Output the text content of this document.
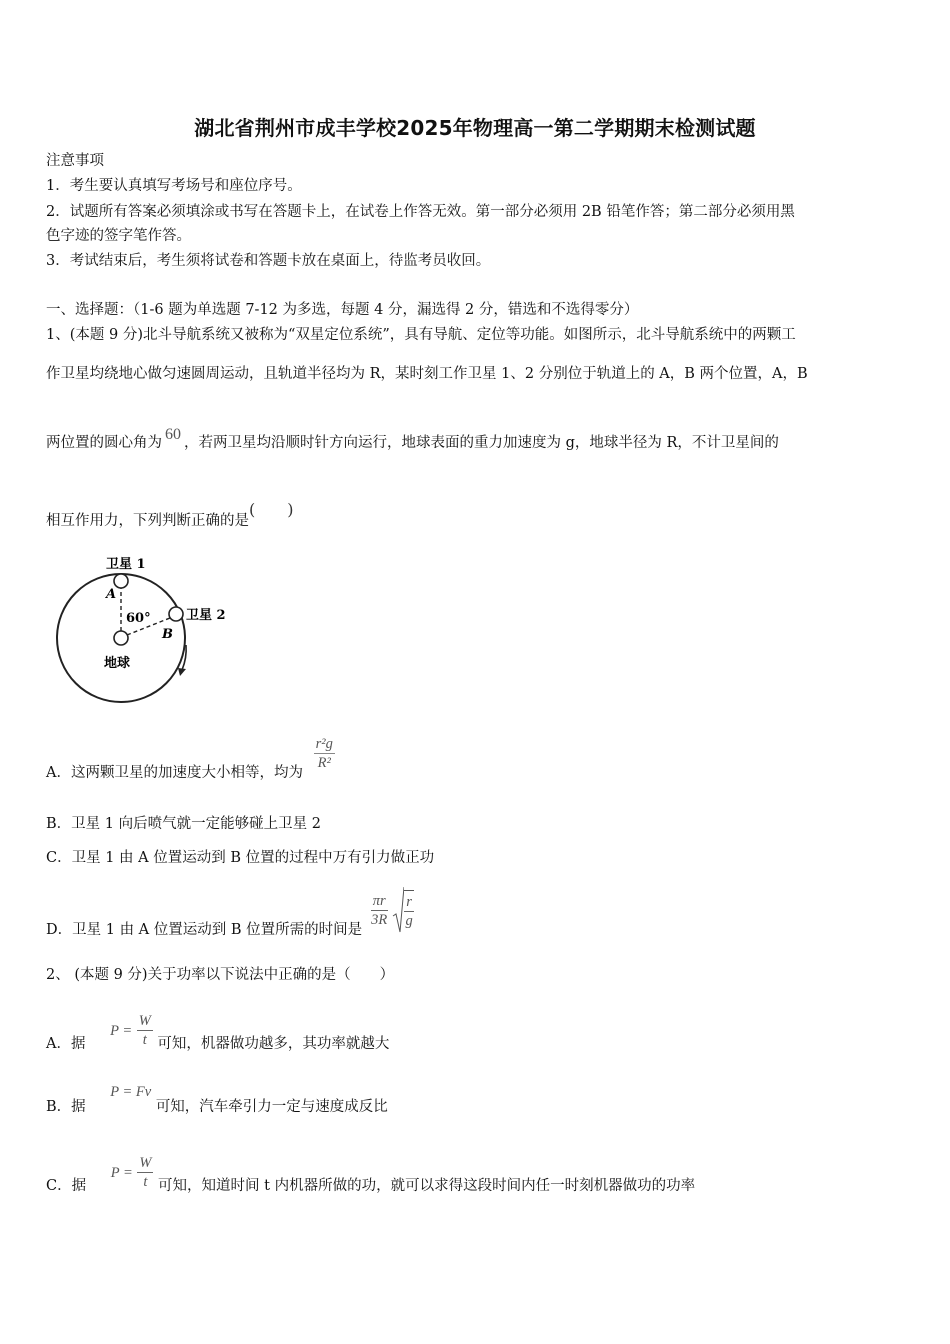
湖北省荆州市成丰学校2025年物理高一第二学期期末检测试题
注意事项
1．考生要认真填写考场号和座位序号。
2．试题所有答案必须填涂或书写在答题卡上，在试卷上作答无效。第一部分必须用 2B 铅笔作答；第二部分必须用黑
色字迹的签字笔作答。
3．考试结束后，考生须将试卷和答题卡放在桌面上，待监考员收回。
一、选择题：（1-6 题为单选题 7-12 为多选，每题 4 分，漏选得 2 分，错选和不选得零分）
1、(本题 9 分)北斗导航系统又被称为“双星定位系统”，具有导航、定位等功能。如图所示，北斗导航系统中的两颗工
作卫星均绕地心做匀速圆周运动，且轨道半径均为 R，某时刻工作卫星 1、2 分别位于轨道上的 A，B 两个位置，A，B
两位置的圆心角为 60 ，若两卫星均沿顺时针方向运行，地球表面的重力加速度为 g，地球半径为 R，不计卫星间的
相互作用力，下列判断正确的是(　　)
卫星 1
卫星 2
A
B
60°
地球
A．这两颗卫星的加速度大小相等，均为
$\frac{\text{r²g}}{\text{R²}}$
B．卫星 1 向后喷气就一定能够碰上卫星 2
C．卫星 1 由 A 位置运动到 B 位置的过程中万有引力做正功
D．卫星 1 由 A 位置运动到 B 位置所需的时间是
$\frac{\pi r}{3R}$
$\frac{r}{g}$
2、 (本题 9 分)关于功率以下说法中正确的是（　　）
A．据 $P = \frac{W}{t}$ 可知，机器做功越多，其功率就越大
B．据 P = Fv 可知，汽车牵引力一定与速度成反比
C．据 $P = \frac{W}{t}$ 可知，知道时间 t 内机器所做的功，就可以求得这段时间内任一时刻机器做功的功率
